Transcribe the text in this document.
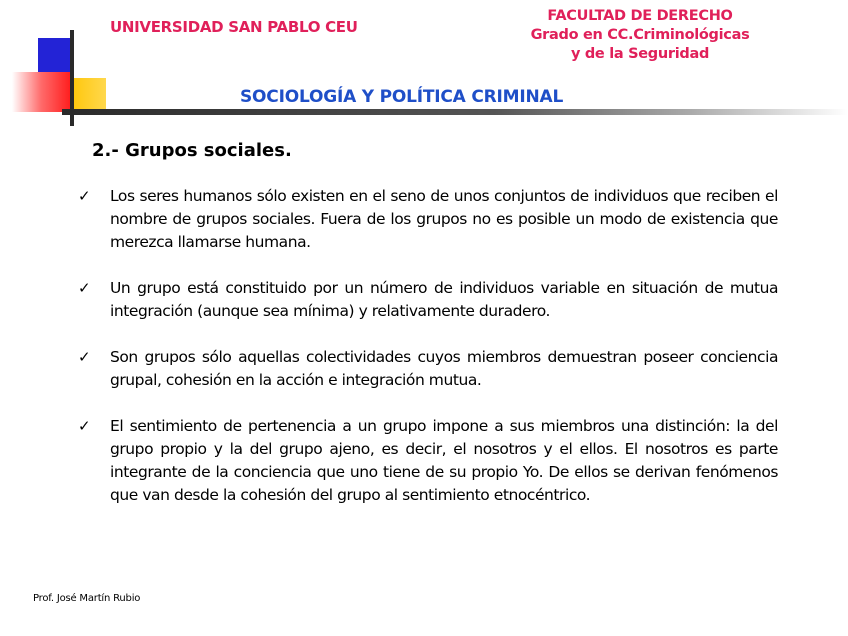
UNIVERSIDAD SAN PABLO CEU
FACULTAD DE DERECHO
Grado en CC.Criminológicas
y de la Seguridad
SOCIOLOGÍA Y POLÍTICA CRIMINAL
2.- Grupos sociales.
✓ Los seres humanos sólo existen en el seno de unos conjuntos de individuos que reciben el nombre de grupos sociales. Fuera de los grupos no es posible un modo de existencia que merezca llamarse humana.
✓ Un grupo está constituido por un número de individuos variable en situación de mutua integración (aunque sea mínima) y relativamente duradero.
✓ Son grupos sólo aquellas colectividades cuyos miembros demuestran poseer conciencia grupal, cohesión en la acción e integración mutua.
✓ El sentimiento de pertenencia a un grupo impone a sus miembros una distinción: la del grupo propio y la del grupo ajeno, es decir, el nosotros y el ellos. El nosotros es parte integrante de la conciencia que uno tiene de su propio Yo. De ellos se derivan fenómenos que van desde la cohesión del grupo al sentimiento etnocéntrico.
Prof. José Martín Rubio
